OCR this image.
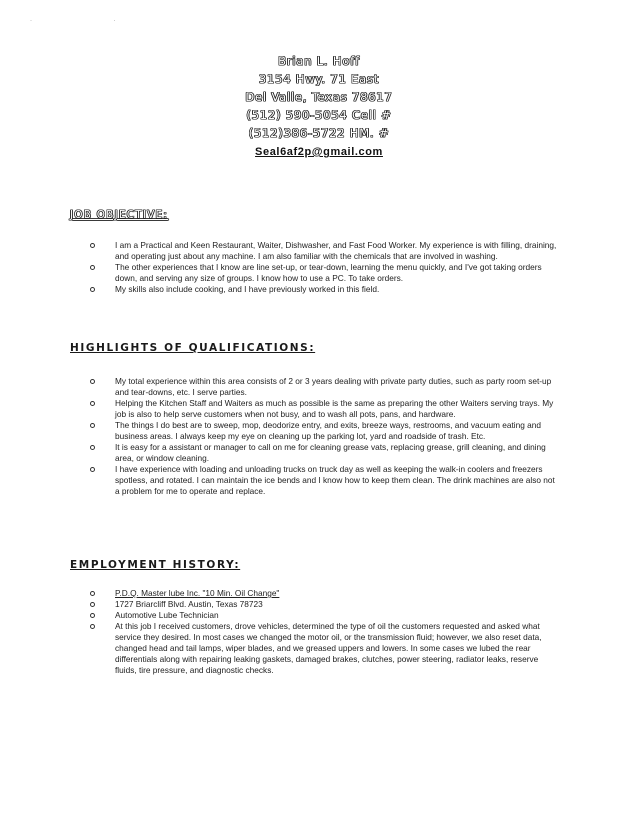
· ·
Brian L. Hoff
3154 Hwy. 71 East
Del Valle, Texas 78617
(512) 590-5054 Cell #
(512)386-5722 HM. #
Seal6af2p@gmail.com
JOB OBJECTIVE:
I am a Practical and Keen Restaurant, Waiter, Dishwasher, and Fast Food Worker. My experience is with filling, draining, and operating just about any machine. I am also familiar with the chemicals that are involved in washing.
The other experiences that I know are line set-up, or tear-down, learning the menu quickly, and I've got taking orders down, and serving any size of groups. I know how to use a PC. To take orders.
My skills also include cooking, and I have previously worked in this field.
HIGHLIGHTS OF QUALIFICATIONS:
My total experience within this area consists of 2 or 3 years dealing with private party duties, such as party room set-up and tear-downs, etc. I serve parties.
Helping the Kitchen Staff and Waiters as much as possible is the same as preparing the other Waiters serving trays. My job is also to help serve customers when not busy, and to wash all pots, pans, and hardware.
The things I do best are to sweep, mop, deodorize entry, and exits, breeze ways, restrooms, and vacuum eating and business areas. I always keep my eye on cleaning up the parking lot, yard and roadside of trash. Etc.
It is easy for a assistant or manager to call on me for cleaning grease vats, replacing grease, grill cleaning, and dining area, or window cleaning.
I have experience with loading and unloading trucks on truck day as well as keeping the walk-in coolers and freezers spotless, and rotated. I can maintain the ice bends and I know how to keep them clean. The drink machines are also not a problem for me to operate and replace.
EMPLOYMENT HISTORY:
P.D.Q. Master lube Inc. "10 Min. Oil Change"
1727 Briarcliff Blvd. Austin, Texas 78723
Automotive Lube Technician
At this job I received customers, drove vehicles, determined the type of oil the customers requested and asked what service they desired. In most cases we changed the motor oil, or the transmission fluid; however, we also reset data, changed head and tail lamps, wiper blades, and we greased uppers and lowers. In some cases we lubed the rear differentials along with repairing leaking gaskets, damaged brakes, clutches, power steering, radiator leaks, reserve fluids, tire pressure, and diagnostic checks.
